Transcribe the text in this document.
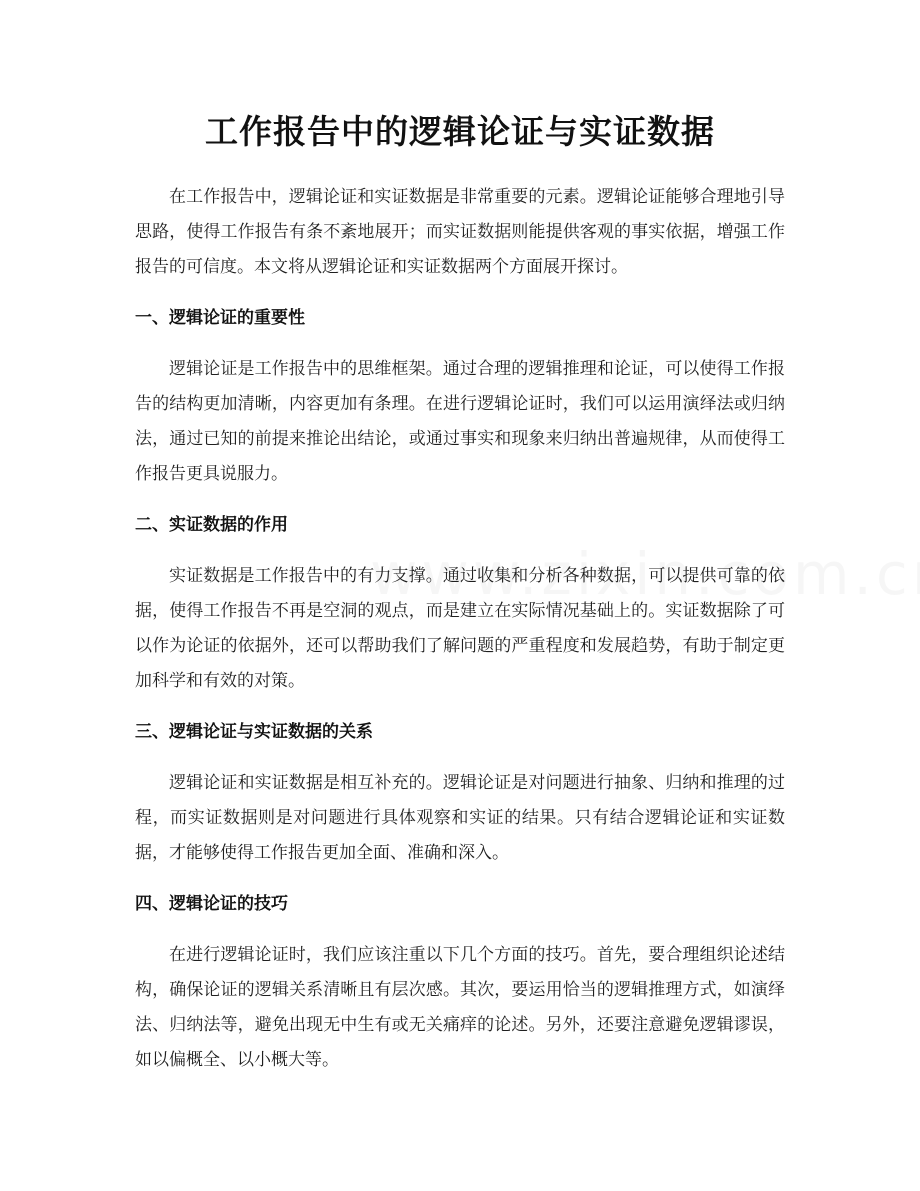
工作报告中的逻辑论证与实证数据

在工作报告中，逻辑论证和实证数据是非常重要的元素。逻辑论证能够合理地引导思路，使得工作报告有条不紊地展开；而实证数据则能提供客观的事实依据，增强工作报告的可信度。本文将从逻辑论证和实证数据两个方面展开探讨。

一、逻辑论证的重要性

逻辑论证是工作报告中的思维框架。通过合理的逻辑推理和论证，可以使得工作报告的结构更加清晰，内容更加有条理。在进行逻辑论证时，我们可以运用演绎法或归纳法，通过已知的前提来推论出结论，或通过事实和现象来归纳出普遍规律，从而使得工作报告更具说服力。

二、实证数据的作用

实证数据是工作报告中的有力支撑。通过收集和分析各种数据，可以提供可靠的依据，使得工作报告不再是空洞的观点，而是建立在实际情况基础上的。实证数据除了可以作为论证的依据外，还可以帮助我们了解问题的严重程度和发展趋势，有助于制定更加科学和有效的对策。

三、逻辑论证与实证数据的关系

逻辑论证和实证数据是相互补充的。逻辑论证是对问题进行抽象、归纳和推理的过程，而实证数据则是对问题进行具体观察和实证的结果。只有结合逻辑论证和实证数据，才能够使得工作报告更加全面、准确和深入。

四、逻辑论证的技巧

在进行逻辑论证时，我们应该注重以下几个方面的技巧。首先，要合理组织论述结构，确保论证的逻辑关系清晰且有层次感。其次，要运用恰当的逻辑推理方式，如演绎法、归纳法等，避免出现无中生有或无关痛痒的论述。另外，还要注意避免逻辑谬误，如以偏概全、以小概大等。
